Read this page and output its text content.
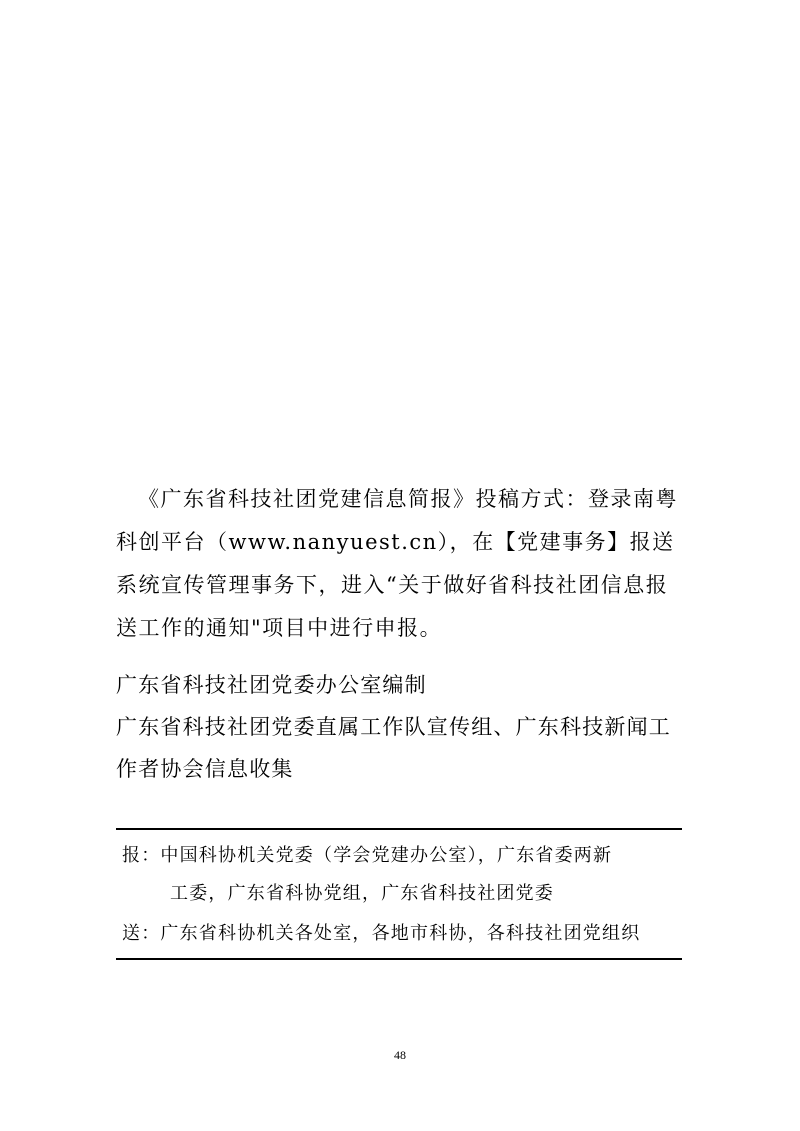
《广东省科技社团党建信息简报》投稿方式：登录南粤科创平台（www.nanyuest.cn），在【党建事务】报送系统宣传管理事务下，进入“关于做好省科技社团信息报送工作的通知"项目中进行申报。

广东省科技社团党委办公室编制

广东省科技社团党委直属工作队宣传组、广东科技新闻工作者协会信息收集

报：中国科协机关党委（学会党建办公室），广东省委两新
工委，广东省科协党组，广东省科技社团党委
送：广东省科协机关各处室，各地市科协，各科技社团党组织
48
